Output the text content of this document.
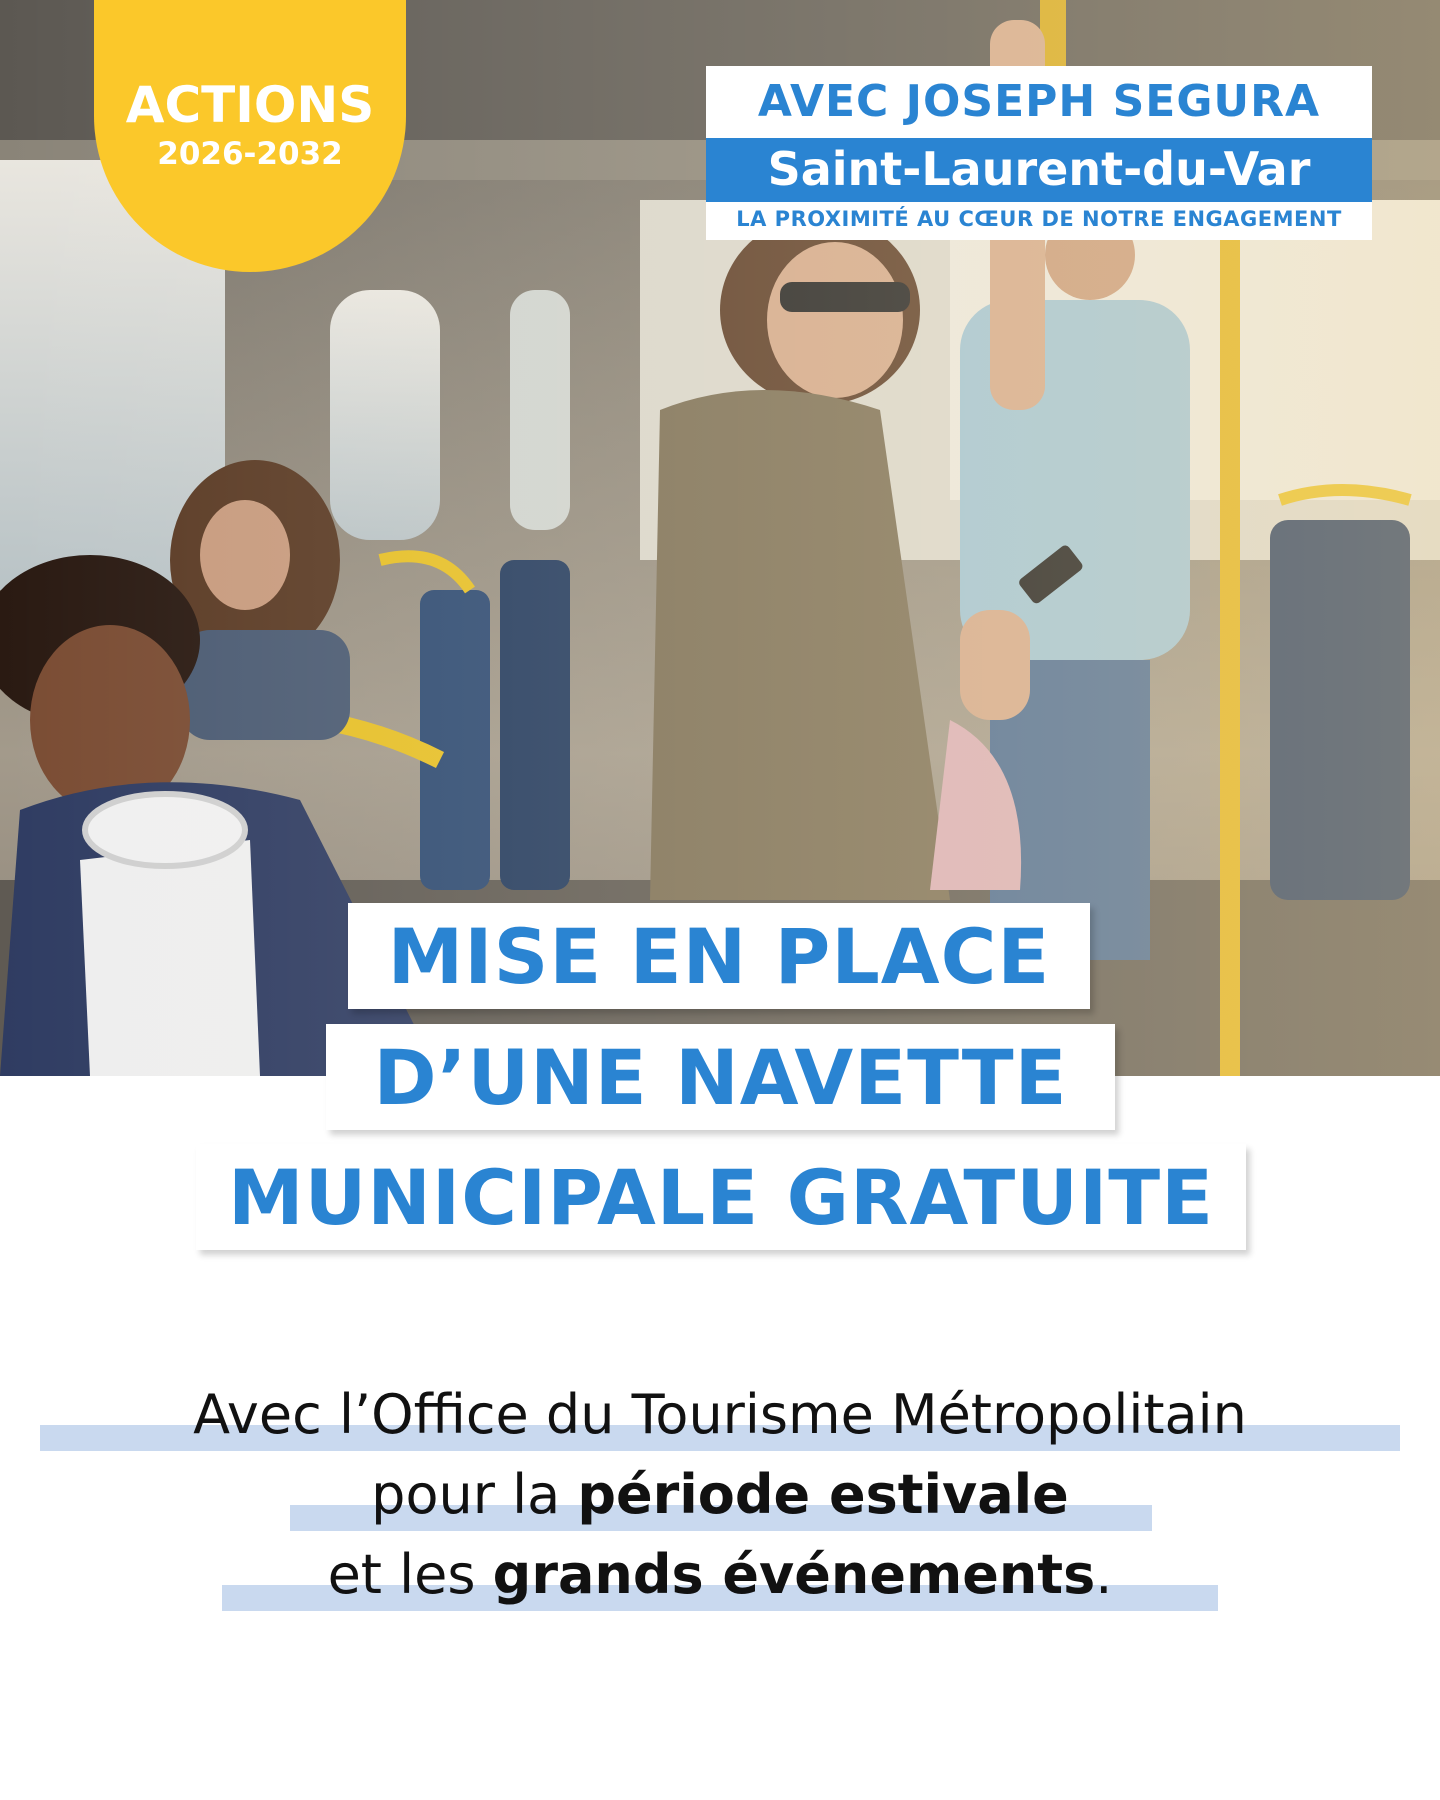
ACTIONS
2026-2032
AVEC JOSEPH SEGURA
Saint-Laurent-du-Var
LA PROXIMITÉ AU CŒUR DE NOTRE ENGAGEMENT
MISE EN PLACE
D’UNE NAVETTE
MUNICIPALE GRATUITE
Avec l’Office du Tourisme Métropolitain
pour la période estivale
et les grands événements.
